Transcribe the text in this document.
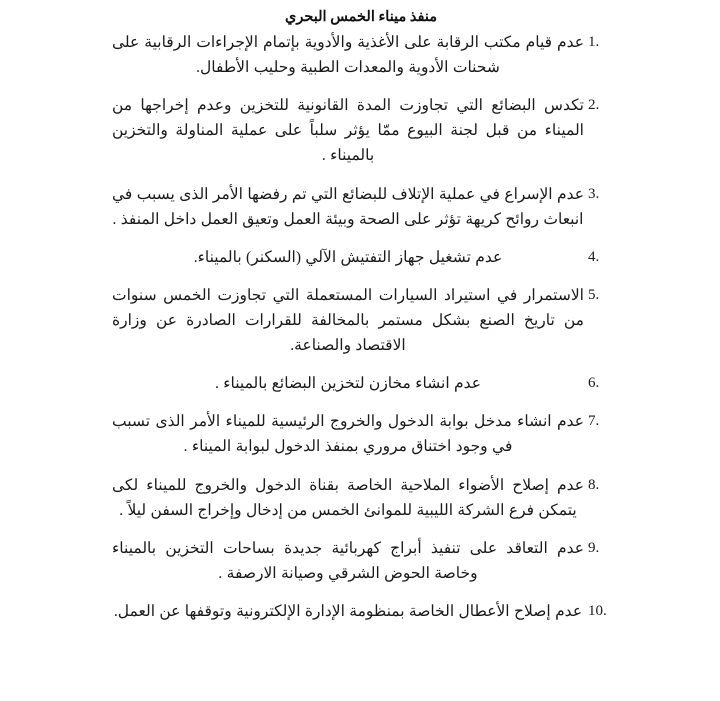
منفذ ميناء الخمس البحري
1.
عدم قيام مكتب الرقابة على الأغذية والأدوية بإتمام الإجراءات الرقابية على شحنات الأدوية والمعدات الطبية وحليب الأطفال.
2.
تكدس البضائع التي تجاوزت المدة القانونية للتخزين وعدم إخراجها من الميناء من قبل لجنة البيوع ممّا يؤثر سلباً على عملية المناولة والتخزين بالميناء .
3.
عدم الإسراع في عملية الإتلاف للبضائع التي تم رفضها الأمر الذى يسبب في انبعاث روائح كريهة تؤثر على الصحة وبيئة العمل وتعيق العمل داخل المنفذ .
4.
عدم تشغيل جهاز التفتيش الآلي (السكنر) بالميناء.
5.
الاستمرار في استيراد السيارات المستعملة التي تجاوزت الخمس سنوات من تاريخ الصنع بشكل مستمر بالمخالفة للقرارات الصادرة عن وزارة الاقتصاد والصناعة.
6.
عدم انشاء مخازن لتخزين البضائع بالميناء .
7.
عدم انشاء مدخل بوابة الدخول والخروج الرئيسية للميناء الأمر الذى تسبب في وجود اختناق مروري بمنفذ الدخول لبوابة الميناء .
8.
عدم إصلاح الأضواء الملاحية الخاصة بقناة الدخول والخروج للميناء لكى يتمكن فرع الشركة الليبية للموانئ الخمس من إدخال وإخراج السفن ليلاً .
9.
عدم التعاقد على تنفيذ أبراج كهربائية جديدة بساحات التخزين بالميناء وخاصة الحوض الشرقي وصيانة الارصفة .
10.
عدم إصلاح الأعطال الخاصة بمنظومة الإدارة الإلكترونية وتوقفها عن العمل.
